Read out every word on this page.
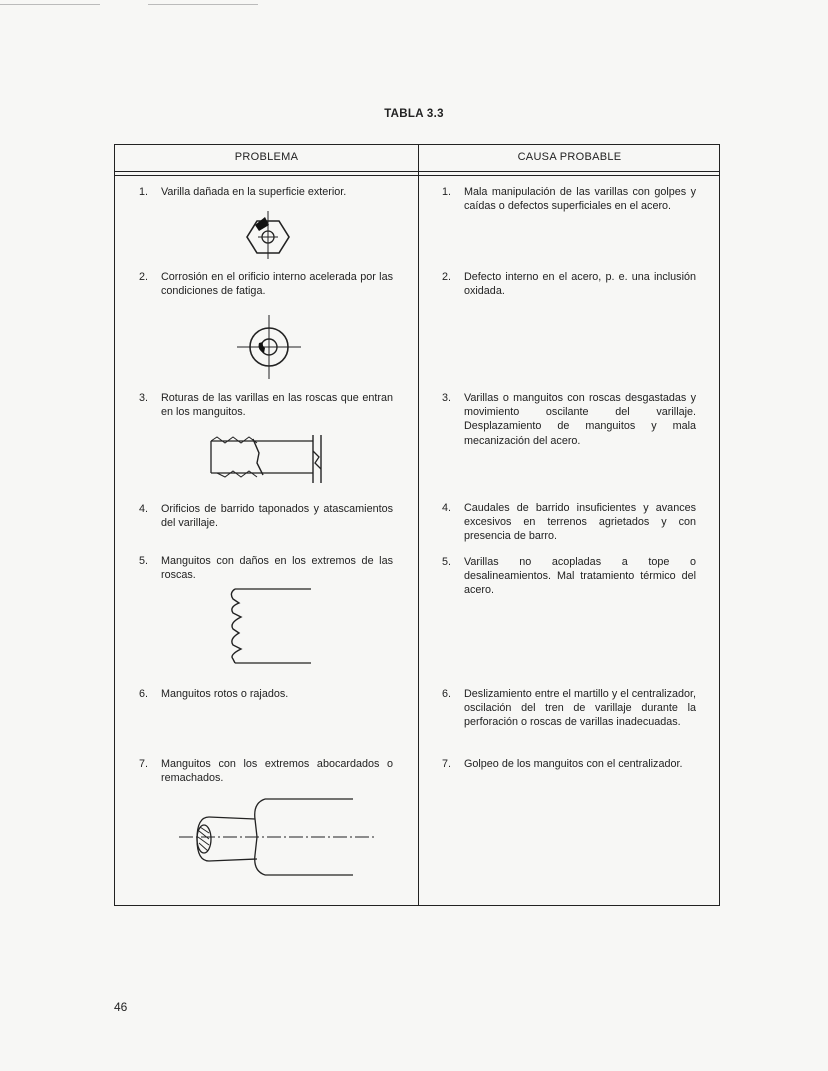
TABLA 3.3
PROBLEMA	CAUSA PROBABLE
1. Varilla dañada en la superficie exterior.
2. Corrosión en el orificio interno acelerada por las condiciones de fatiga.
3. Roturas de las varillas en las roscas que entran en los manguitos.
4. Orificios de barrido taponados y atascamientos del varillaje.
5. Manguitos con daños en los extremos de las roscas.
6. Manguitos rotos o rajados.
7. Manguitos con los extremos abocardados o remachados.
1. Mala manipulación de las varillas con golpes y caídas o defectos superficiales en el acero.
2. Defecto interno en el acero, p. e. una inclusión oxidada.
3. Varillas o manguitos con roscas desgastadas y movimiento oscilante del varillaje. Desplazamiento de manguitos y mala mecanización del acero.
4. Caudales de barrido insuficientes y avances excesivos en terrenos agrietados y con presencia de barro.
5. Varillas no acopladas a tope o desalineamientos. Mal tratamiento térmico del acero.
6. Deslizamiento entre el martillo y el centralizador, oscilación del tren de varillaje durante la perforación o roscas de varillas inadecuadas.
7. Golpeo de los manguitos con el centralizador.
46
